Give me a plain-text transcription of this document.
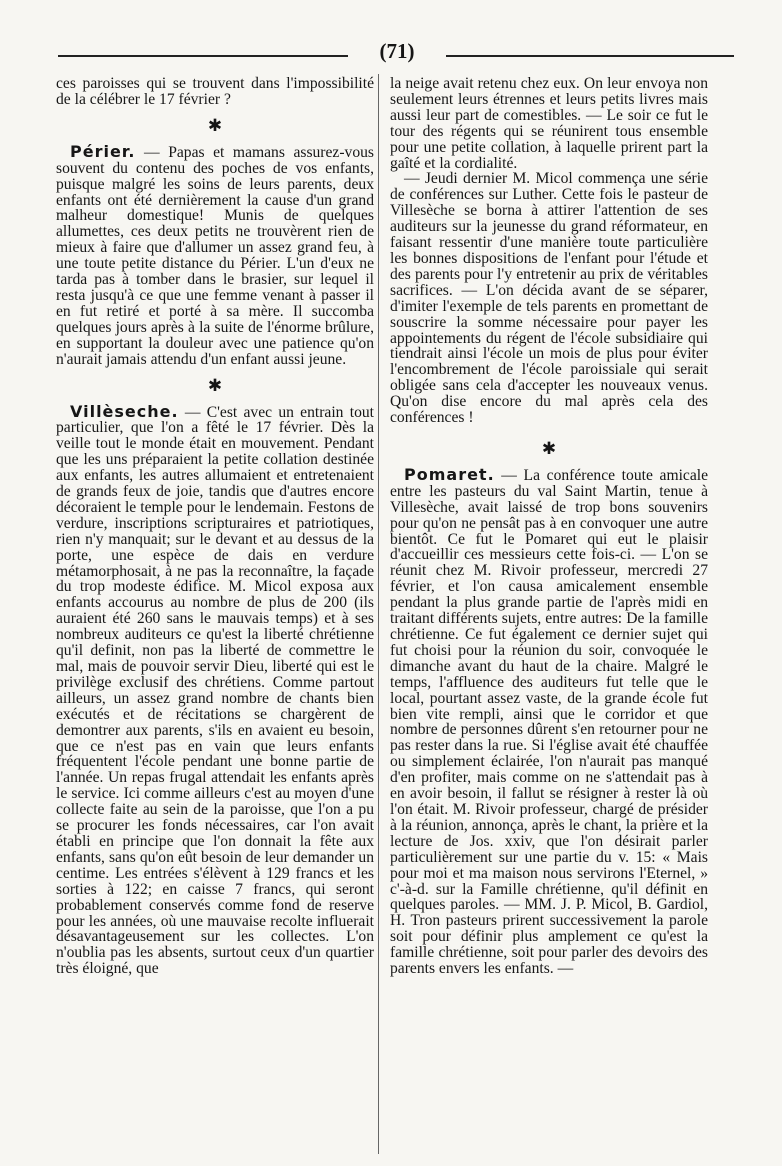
(71)

ces paroisses qui se trouvent dans l'impossibilité de la célébrer le 17 février ?

✱

Périer. — Papas et mamans assurez-vous souvent du contenu des poches de vos enfants, puisque malgré les soins de leurs parents, deux enfants ont été dernièrement la cause d'un grand malheur domestique! Munis de quelques allumettes, ces deux petits ne trouvèrent rien de mieux à faire que d'allumer un assez grand feu, à une toute petite distance du Périer. L'un d'eux ne tarda pas à tomber dans le brasier, sur lequel il resta jusqu'à ce que une femme venant à passer il en fut retiré et porté à sa mère. Il succomba quelques jours après à la suite de l'énorme brûlure, en supportant la douleur avec une patience qu'on n'aurait jamais attendu d'un enfant aussi jeune.

✱

Villèseche. — C'est avec un entrain tout particulier, que l'on a fêté le 17 février. Dès la veille tout le monde était en mouvement. Pendant que les uns préparaient la petite collation destinée aux enfants, les autres allumaient et entretenaient de grands feux de joie, tandis que d'autres encore décoraient le temple pour le lendemain. Festons de verdure, inscriptions scripturaires et patriotiques, rien n'y manquait; sur le devant et au dessus de la porte, une espèce de dais en verdure métamorphosait, à ne pas la reconnaître, la façade du trop modeste édifice. M. Micol exposa aux enfants accourus au nombre de plus de 200 (ils auraient été 260 sans le mauvais temps) et à ses nombreux auditeurs ce qu'est la liberté chrétienne qu'il definit, non pas la liberté de commettre le mal, mais de pouvoir servir Dieu, liberté qui est le privilège exclusif des chrétiens. Comme partout ailleurs, un assez grand nombre de chants bien exécutés et de récitations se chargèrent de demontrer aux parents, s'ils en avaient eu besoin, que ce n'est pas en vain que leurs enfants fréquentent l'école pendant une bonne partie de l'année. Un repas frugal attendait les enfants après le service. Ici comme ailleurs c'est au moyen d'une collecte faite au sein de la paroisse, que l'on a pu se procurer les fonds nécessaires, car l'on avait établi en principe que l'on donnait la fête aux enfants, sans qu'on eût besoin de leur demander un centime. Les entrées s'élèvent à 129 francs et les sorties à 122; en caisse 7 francs, qui seront probablement conservés comme fond de reserve pour les années, où une mauvaise recolte influerait désavantageusement sur les collectes. L'on n'oublia pas les absents, surtout ceux d'un quartier très éloigné, que

la neige avait retenu chez eux. On leur envoya non seulement leurs étrennes et leurs petits livres mais aussi leur part de comestibles. — Le soir ce fut le tour des régents qui se réunirent tous ensemble pour une petite collation, à laquelle prirent part la gaîté et la cordialité.

— Jeudi dernier M. Micol commença une série de conférences sur Luther. Cette fois le pasteur de Villesèche se borna à attirer l'attention de ses auditeurs sur la jeunesse du grand réformateur, en faisant ressentir d'une manière toute particulière les bonnes dispositions de l'enfant pour l'étude et des parents pour l'y entretenir au prix de véritables sacrifices. — L'on décida avant de se séparer, d'imiter l'exemple de tels parents en promettant de souscrire la somme nécessaire pour payer les appointements du régent de l'école subsidiaire qui tiendrait ainsi l'école un mois de plus pour éviter l'encombrement de l'école paroissiale qui serait obligée sans cela d'accepter les nouveaux venus. Qu'on dise encore du mal après cela des conférences !

✱

Pomaret. — La conférence toute amicale entre les pasteurs du val Saint Martin, tenue à Villesèche, avait laissé de trop bons souvenirs pour qu'on ne pensât pas à en convoquer une autre bientôt. Ce fut le Pomaret qui eut le plaisir d'accueillir ces messieurs cette fois-ci. — L'on se réunit chez M. Rivoir professeur, mercredi 27 février, et l'on causa amicalement ensemble pendant la plus grande partie de l'après midi en traitant différents sujets, entre autres: De la famille chrétienne. Ce fut également ce dernier sujet qui fut choisi pour la réunion du soir, convoquée le dimanche avant du haut de la chaire. Malgré le temps, l'affluence des auditeurs fut telle que le local, pourtant assez vaste, de la grande école fut bien vite rempli, ainsi que le corridor et que nombre de personnes dûrent s'en retourner pour ne pas rester dans la rue. Si l'église avait été chauffée ou simplement éclairée, l'on n'aurait pas manqué d'en profiter, mais comme on ne s'attendait pas à en avoir besoin, il fallut se résigner à rester là où l'on était. M. Rivoir professeur, chargé de présider à la réunion, annonça, après le chant, la prière et la lecture de Jos. xxiv, que l'on désirait parler particulièrement sur une partie du v. 15: « Mais pour moi et ma maison nous servirons l'Eternel, » c'-à-d. sur la Famille chrétienne, qu'il définit en quelques paroles. — MM. J. P. Micol, B. Gardiol, H. Tron pasteurs prirent successivement la parole soit pour définir plus amplement ce qu'est la famille chrétienne, soit pour parler des devoirs des parents envers les enfants. —
